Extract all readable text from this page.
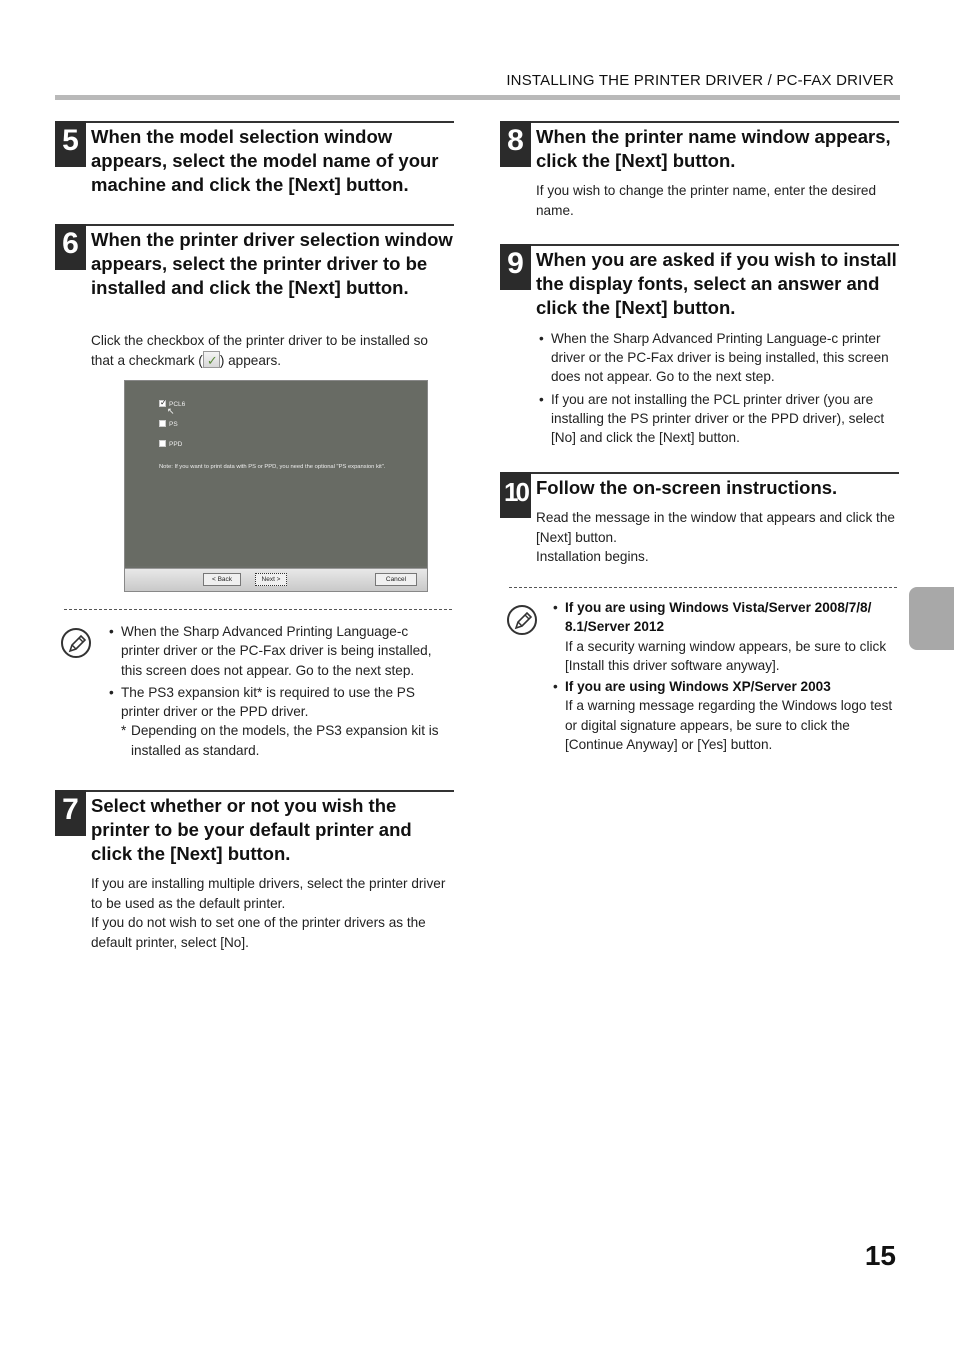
INSTALLING THE PRINTER DRIVER / PC-FAX DRIVER
5 When the model selection window appears, select the model name of your machine and click the [Next] button.
6 When the printer driver selection window appears, select the printer driver to be installed and click the [Next] button.
Click the checkbox of the printer driver to be installed so that a checkmark (✓ ) appears.
✓PCL6
↖
PS
PPD
Note: If you want to print data with PS or PPD, you need the optional "PS expansion kit".
< Back	Next >	Cancel
• When the Sharp Advanced Printing Language-c printer driver or the PC-Fax driver is being installed, this screen does not appear. Go to the next step.
• The PS3 expansion kit* is required to use the PS printer driver or the PPD driver.
* Depending on the models, the PS3 expansion kit is installed as standard.
7 Select whether or not you wish the printer to be your default printer and click the [Next] button.
If you are installing multiple drivers, select the printer driver to be used as the default printer.
If you do not wish to set one of the printer drivers as the default printer, select [No].
8 When the printer name window appears, click the [Next] button.
If you wish to change the printer name, enter the desired name.
9 When you are asked if you wish to install the display fonts, select an answer and click the [Next] button.
• When the Sharp Advanced Printing Language-c printer driver or the PC-Fax driver is being installed, this screen does not appear. Go to the next step.
• If you are not installing the PCL printer driver (you are installing the PS printer driver or the PPD driver), select [No] and click the [Next] button.
10 Follow the on-screen instructions.
Read the message in the window that appears and click the [Next] button.
Installation begins.
• If you are using Windows Vista/Server 2008/7/8/ 8.1/Server 2012
If a security warning window appears, be sure to click [Install this driver software anyway].
• If you are using Windows XP/Server 2003
If a warning message regarding the Windows logo test or digital signature appears, be sure to click the [Continue Anyway] or [Yes] button.
15
